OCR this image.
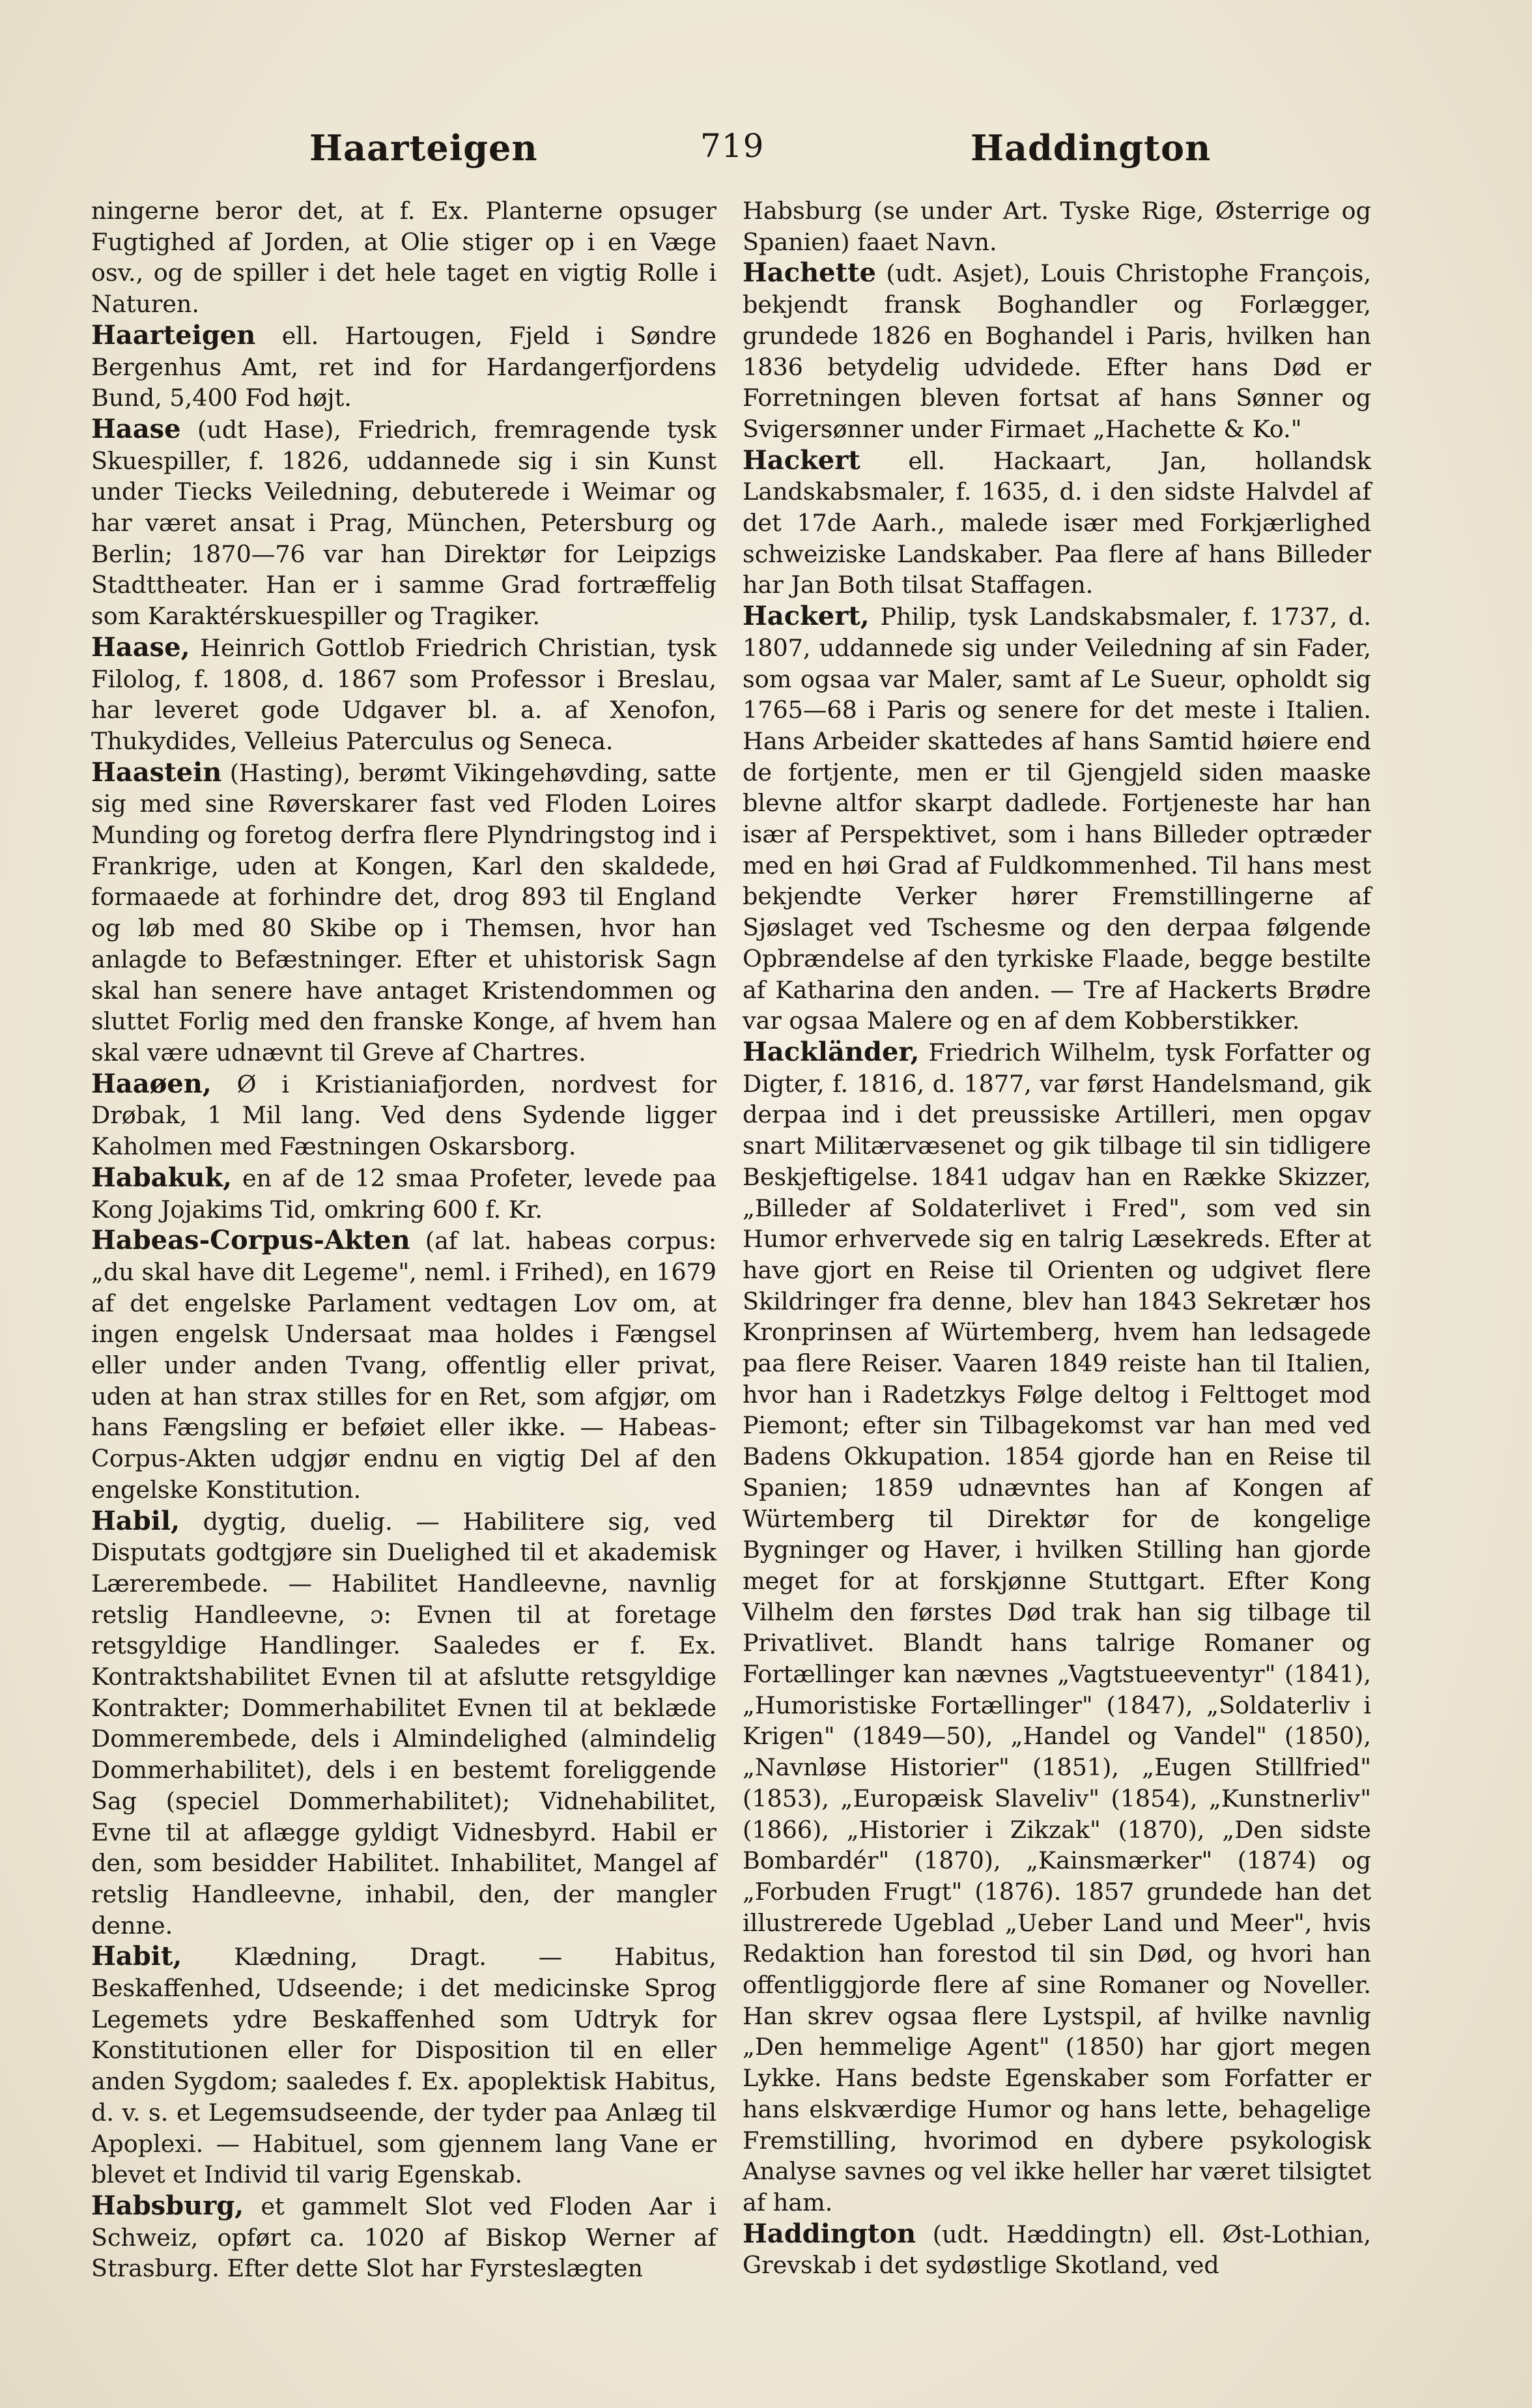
Haarteigen	719	Haddington

ningerne beror det, at f. Ex. Planterne opsuger Fugtighed af Jorden, at Olie stiger op i en Væge osv., og de spiller i det hele taget en vigtig Rolle i Naturen.

Haarteigen ell. Hartougen, Fjeld i Søndre Bergenhus Amt, ret ind for Hardangerfjordens Bund, 5,400 Fod højt.

Haase (udt Hase), Friedrich, fremragende tysk Skuespiller, f. 1826, uddannede sig i sin Kunst under Tiecks Veiledning, debuterede i Weimar og har været ansat i Prag, München, Petersburg og Berlin; 1870—76 var han Direktør for Leipzigs Stadttheater. Han er i samme Grad fortræffelig som Karaktérskuespiller og Tragiker.

Haase, Heinrich Gottlob Friedrich Christian, tysk Filolog, f. 1808, d. 1867 som Professor i Breslau, har leveret gode Udgaver bl. a. af Xenofon, Thukydides, Velleius Paterculus og Seneca.

Haastein (Hasting), berømt Vikingehøvding, satte sig med sine Røverskarer fast ved Floden Loires Munding og foretog derfra flere Plyndringstog ind i Frankrige, uden at Kongen, Karl den skaldede, formaaede at forhindre det, drog 893 til England og løb med 80 Skibe op i Themsen, hvor han anlagde to Befæstninger. Efter et uhistorisk Sagn skal han senere have antaget Kristendommen og sluttet Forlig med den franske Konge, af hvem han skal være udnævnt til Greve af Chartres.

Haaøen, Ø i Kristianiafjorden, nordvest for Drøbak, 1 Mil lang. Ved dens Sydende ligger Kaholmen med Fæstningen Oskarsborg.

Habakuk, en af de 12 smaa Profeter, levede paa Kong Jojakims Tid, omkring 600 f. Kr.

Habeas-Corpus-Akten (af lat. habeas corpus: „du skal have dit Legeme", neml. i Frihed), en 1679 af det engelske Parlament vedtagen Lov om, at ingen engelsk Undersaat maa holdes i Fængsel eller under anden Tvang, offentlig eller privat, uden at han strax stilles for en Ret, som afgjør, om hans Fængsling er beføiet eller ikke. — Habeas-Corpus-Akten udgjør endnu en vigtig Del af den engelske Konstitution.

Habil, dygtig, duelig. — Habilitere sig, ved Disputats godtgjøre sin Duelighed til et akademisk Lærerembede. — Habilitet Handleevne, navnlig retslig Handleevne, ɔ: Evnen til at foretage retsgyldige Handlinger. Saaledes er f. Ex. Kontraktshabilitet Evnen til at afslutte retsgyldige Kontrakter; Dommerhabilitet Evnen til at beklæde Dommerembede, dels i Almindelighed (almindelig Dommerhabilitet), dels i en bestemt foreliggende Sag (speciel Dommerhabilitet); Vidnehabilitet, Evne til at aflægge gyldigt Vidnesbyrd. Habil er den, som besidder Habilitet. Inhabilitet, Mangel af retslig Handleevne, inhabil, den, der mangler denne.

Habit, Klædning, Dragt. — Habitus, Beskaffenhed, Udseende; i det medicinske Sprog Legemets ydre Beskaffenhed som Udtryk for Konstitutionen eller for Dispositiоn til en eller anden Sygdom; saaledes f. Ex. apoplektisk Habitus, d. v. s. et Legemsudseende, der tyder paa Anlæg til Apoplexi. — Habituel, som gjennem lang Vane er blevet et Individ til varig Egenskab.

Habsburg, et gammelt Slot ved Floden Aar i Schweiz, opført ca. 1020 af Biskop Werner af Strasburg. Efter dette Slot har Fyrsteslægten

Habsburg (se under Art. Tyske Rige, Østerrige og Spanien) faaet Navn.

Hachette (udt. Asjet), Louis Christophe François, bekjendt fransk Boghandler og Forlægger, grundede 1826 en Boghandel i Paris, hvilken han 1836 betydelig udvidede. Efter hans Død er Forretningen bleven fortsat af hans Sønner og Svigersønner under Firmaet „Hachette & Ko."

Hackert ell. Hackaart, Jan, hollandsk Landskabsmaler, f. 1635, d. i den sidste Halvdel af det 17de Aarh., malede især med Forkjærlighed schweiziske Landskaber. Paa flere af hans Billeder har Jan Both tilsat Staffagen.

Hackert, Philip, tysk Landskabsmaler, f. 1737, d. 1807, uddannede sig under Veiledning af sin Fader, som ogsaa var Maler, samt af Le Sueur, opholdt sig 1765—68 i Paris og senere for det meste i Italien. Hans Arbeider skattedes af hans Samtid høiere end de fortjente, men er til Gjengjeld siden maaske blevne altfor skarpt dadlede. Fortjeneste har han især af Perspektivet, som i hans Billeder optræder med en høi Grad af Fuldkommenhed. Til hans mest bekjendte Verker hører Fremstillingerne af Sjøslaget ved Tschesme og den derpaa følgende Opbrændelse af den tyrkiske Flaade, begge bestilte af Katharina den anden. — Tre af Hackerts Brødre var ogsaa Malere og en af dem Kobberstikker.

Hackländer, Friedrich Wilhelm, tysk Forfatter og Digter, f. 1816, d. 1877, var først Handelsmand, gik derpaa ind i det preussiske Artilleri, men opgav snart Militærvæsenet og gik tilbage til sin tidligere Beskjeftigelse. 1841 udgav han en Række Skizzer, „Billeder af Soldaterlivet i Fred", som ved sin Humor erhvervede sig en talrig Læsekreds. Efter at have gjort en Reise til Orienten og udgivet flere Skildringer fra denne, blev han 1843 Sekretær hos Kronprinsen af Würtemberg, hvem han ledsagede paa flere Reiser. Vaaren 1849 reiste han til Italien, hvor han i Radetzkys Følge deltog i Felttoget mod Piemont; efter sin Tilbagekomst var han med ved Badens Okkupation. 1854 gjorde han en Reise til Spanien; 1859 udnævntes han af Kongen af Würtemberg til Direktør for de kongelige Bygninger og Haver, i hvilken Stilling han gjorde meget for at forskjønne Stuttgart. Efter Kong Vilhelm den førstes Død trak han sig tilbage til Privatlivet. Blandt hans talrige Romaner og Fortællinger kan nævnes „Vagtstueeventyr" (1841), „Humoristiske Fortællinger" (1847), „Soldaterliv i Krigen" (1849—50), „Handel og Vandel" (1850), „Navnløse Historier" (1851), „Eugen Stillfried" (1853), „Europæisk Slaveliv" (1854), „Kunstnerliv" (1866), „Historier i Zikzak" (1870), „Den sidste Bombardér" (1870), „Kainsmærker" (1874) og „Forbuden Frugt" (1876). 1857 grundede han det illustrerede Ugeblad „Ueber Land und Meer", hvis Redaktion han forestod til sin Død, og hvori han offentliggjorde flere af sine Romaner og Noveller. Han skrev ogsaa flere Lystspil, af hvilke navnlig „Den hemmelige Agent" (1850) har gjort megen Lykke. Hans bedste Egenskaber som Forfatter er hans elskværdige Humor og hans lette, behagelige Fremstilling, hvorimod en dybere psykologisk Analyse savnes og vel ikke heller har været tilsigtet af ham.

Haddington (udt. Hæddingtn) ell. Øst-Lothian, Grevskab i det sydøstlige Skotland, ved
